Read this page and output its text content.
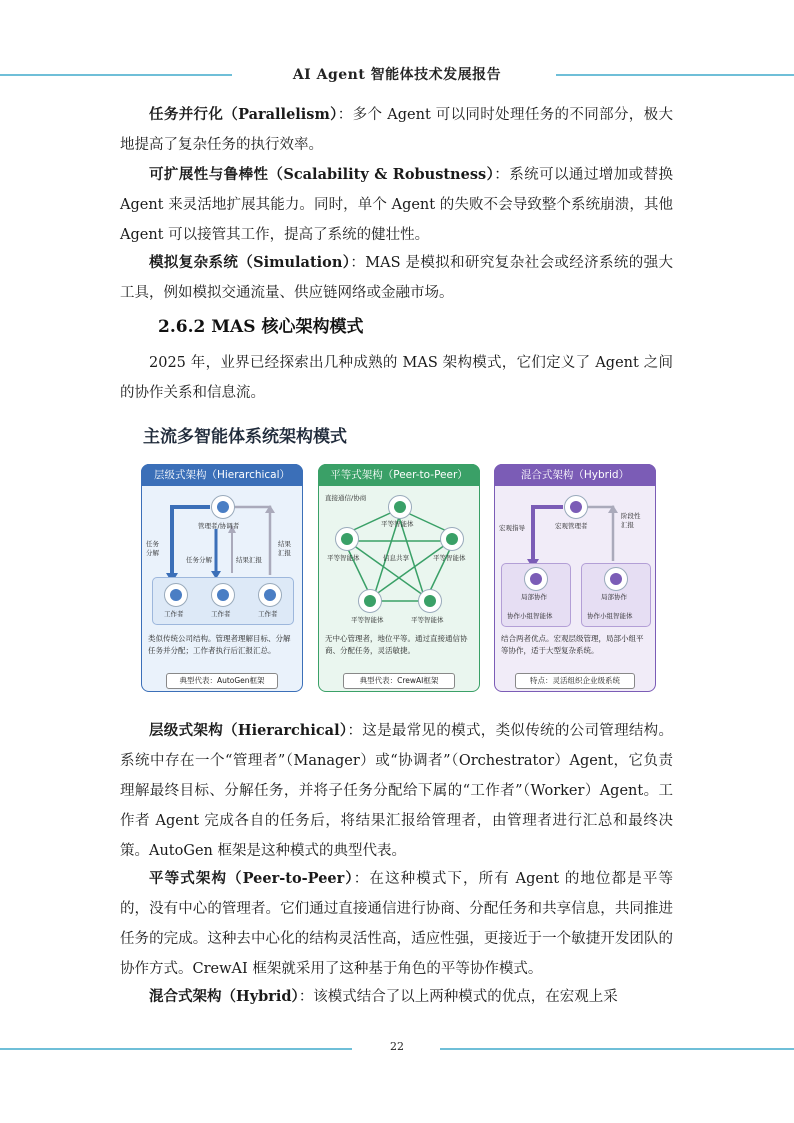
AI Agent 智能体技术发展报告

任务并行化（Parallelism）：多个 Agent 可以同时处理任务的不同部分，极大地提高了复杂任务的执行效率。

可扩展性与鲁棒性（Scalability & Robustness）：系统可以通过增加或替换 Agent 来灵活地扩展其能力。同时，单个 Agent 的失败不会导致整个系统崩溃，其他 Agent 可以接管其工作，提高了系统的健壮性。

模拟复杂系统（Simulation）：MAS 是模拟和研究复杂社会或经济系统的强大工具，例如模拟交通流量、供应链网络或金融市场。

2.6.2 MAS 核心架构模式

2025 年，业界已经探索出几种成熟的 MAS 架构模式，它们定义了 Agent 之间的协作关系和信息流。

主流多智能体系统架构模式
层级式架构（Hierarchical）
管理者/协调者
任务分解
结果汇报
任务分解	结果汇报
工作者	工作者	工作者
类似传统公司结构。管理者理解目标、分解任务并分配；工作者执行后汇报汇总。
典型代表：AutoGen框架
平等式架构（Peer-to-Peer）
直接通信/协商
平等智能体
平等智能体	平等智能体
信息共享
平等智能体	平等智能体
无中心管理者，地位平等。通过直接通信协商、分配任务，灵活敏捷。
典型代表：CrewAI框架
混合式架构（Hybrid）
宏观管理者
宏观指导
阶段性汇报
局部协作	局部协作
协作小组智能体	协作小组智能体
结合两者优点。宏观层级管理，局部小组平等协作，适于大型复杂系统。
特点：灵活组织企业级系统

层级式架构（Hierarchical）：这是最常见的模式，类似传统的公司管理结构。系统中存在一个“管理者”（Manager）或“协调者”（Orchestrator）Agent，它负责理解最终目标、分解任务，并将子任务分配给下属的“工作者”（Worker）Agent。工作者 Agent 完成各自的任务后，将结果汇报给管理者，由管理者进行汇总和最终决策。AutoGen 框架是这种模式的典型代表。

平等式架构（Peer-to-Peer）：在这种模式下，所有 Agent 的地位都是平等的，没有中心的管理者。它们通过直接通信进行协商、分配任务和共享信息，共同推进任务的完成。这种去中心化的结构灵活性高，适应性强，更接近于一个敏捷开发团队的协作方式。CrewAI 框架就采用了这种基于角色的平等协作模式。

混合式架构（Hybrid）：该模式结合了以上两种模式的优点，在宏观上采

22
